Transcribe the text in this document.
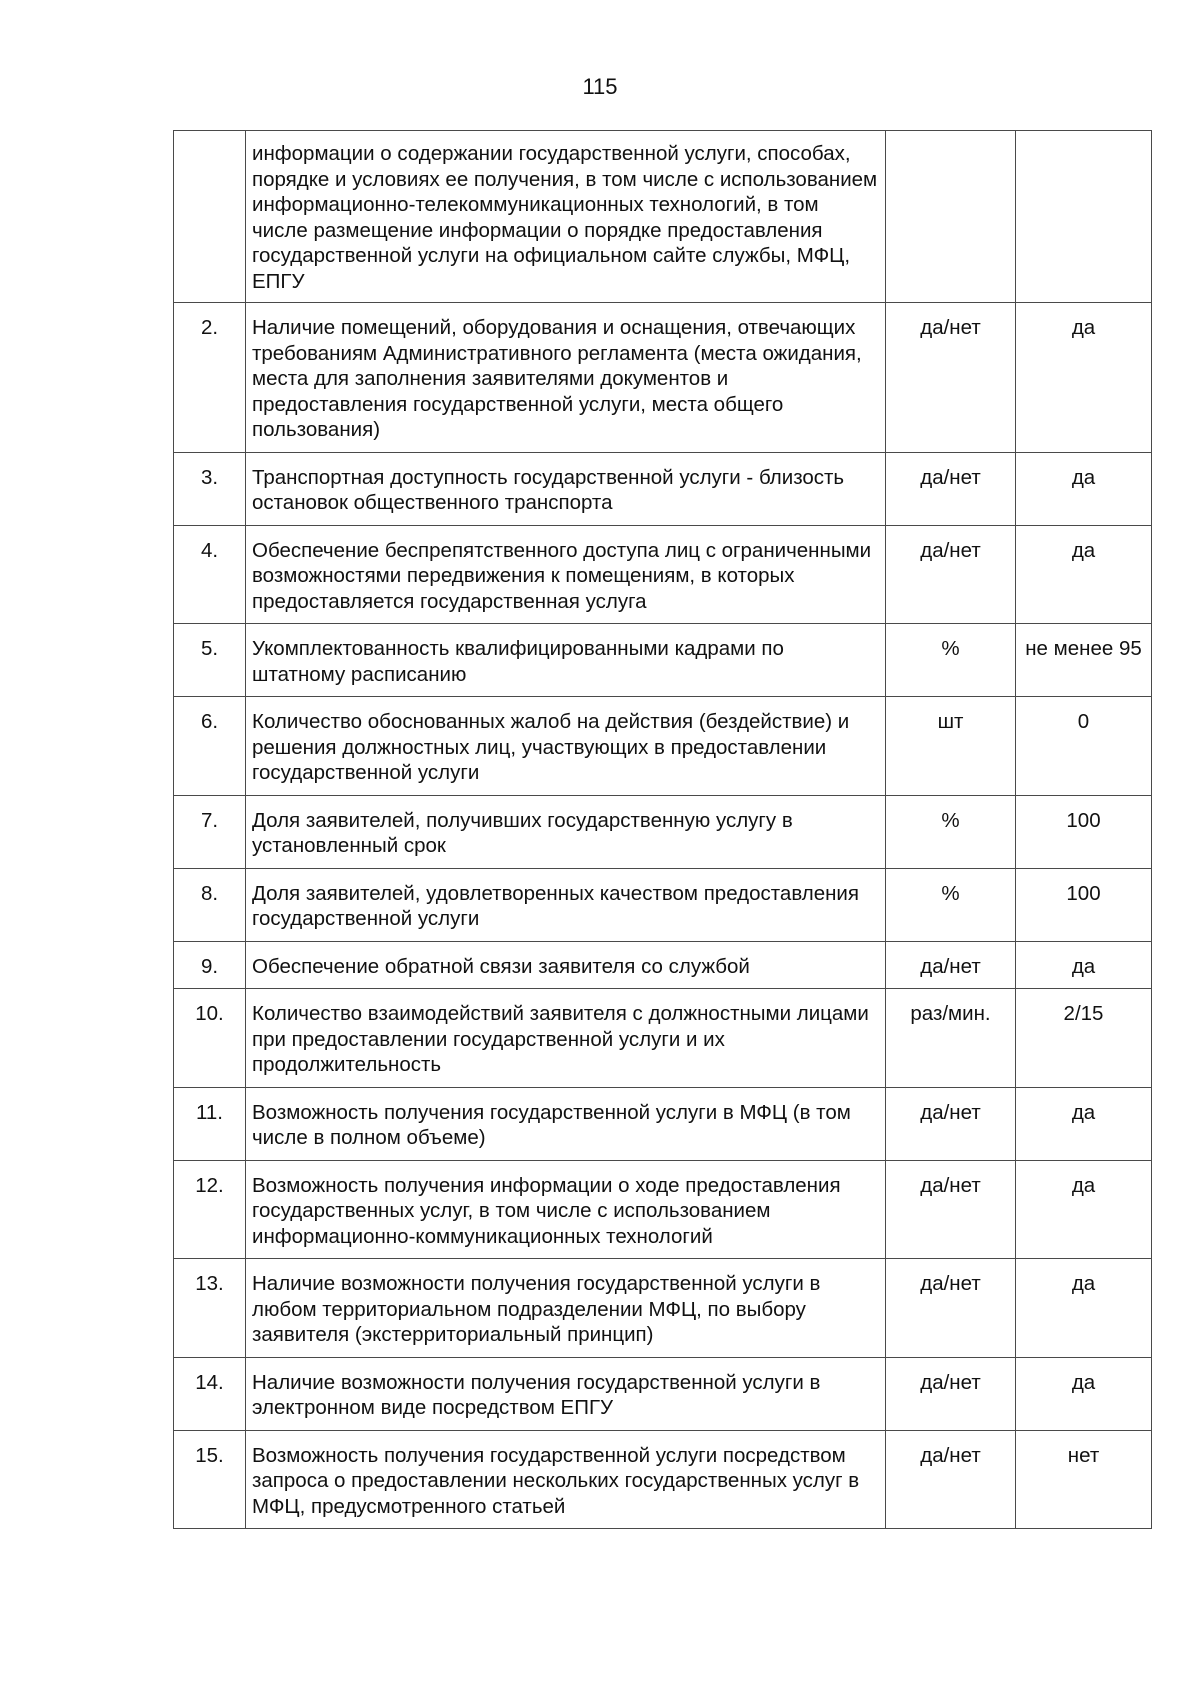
115
	информации о содержании государственной услуги, способах, порядке и условиях ее получения, в том числе с использованием информационно-телекоммуникационных технологий, в том числе размещение информации о порядке предоставления государственной услуги на официальном сайте службы, МФЦ, ЕПГУ		
2.	Наличие помещений, оборудования и оснащения, отвечающих требованиям Административного регламента (места ожидания, места для заполнения заявителями документов и предоставления государственной услуги, места общего пользования)	да/нет	да
3.	Транспортная доступность государственной услуги - близость остановок общественного транспорта	да/нет	да
4.	Обеспечение беспрепятственного доступа лиц с ограниченными возможностями передвижения к помещениям, в которых предоставляется государственная услуга	да/нет	да
5.	Укомплектованность квалифицированными кадрами по штатному расписанию	%	не менее 95
6.	Количество обоснованных жалоб на действия (бездействие) и решения должностных лиц, участвующих в предоставлении государственной услуги	шт	0
7.	Доля заявителей, получивших государственную услугу в установленный срок	%	100
8.	Доля заявителей, удовлетворенных качеством предоставления государственной услуги	%	100
9.	Обеспечение обратной связи заявителя со службой	да/нет	да
10.	Количество взаимодействий заявителя с должностными лицами при предоставлении государственной услуги и их продолжительность	раз/мин.	2/15
11.	Возможность получения государственной услуги в МФЦ (в том числе в полном объеме)	да/нет	да
12.	Возможность получения информации о ходе предоставления государственных услуг, в том числе с использованием информационно-коммуникационных технологий	да/нет	да
13.	Наличие возможности получения государственной услуги в любом территориальном подразделении МФЦ, по выбору заявителя (экстерриториальный принцип)	да/нет	да
14.	Наличие возможности получения государственной услуги в электронном виде посредством ЕПГУ	да/нет	да
15.	Возможность получения государственной услуги посредством запроса о предоставлении нескольких государственных услуг в МФЦ, предусмотренного статьей	да/нет	нет
